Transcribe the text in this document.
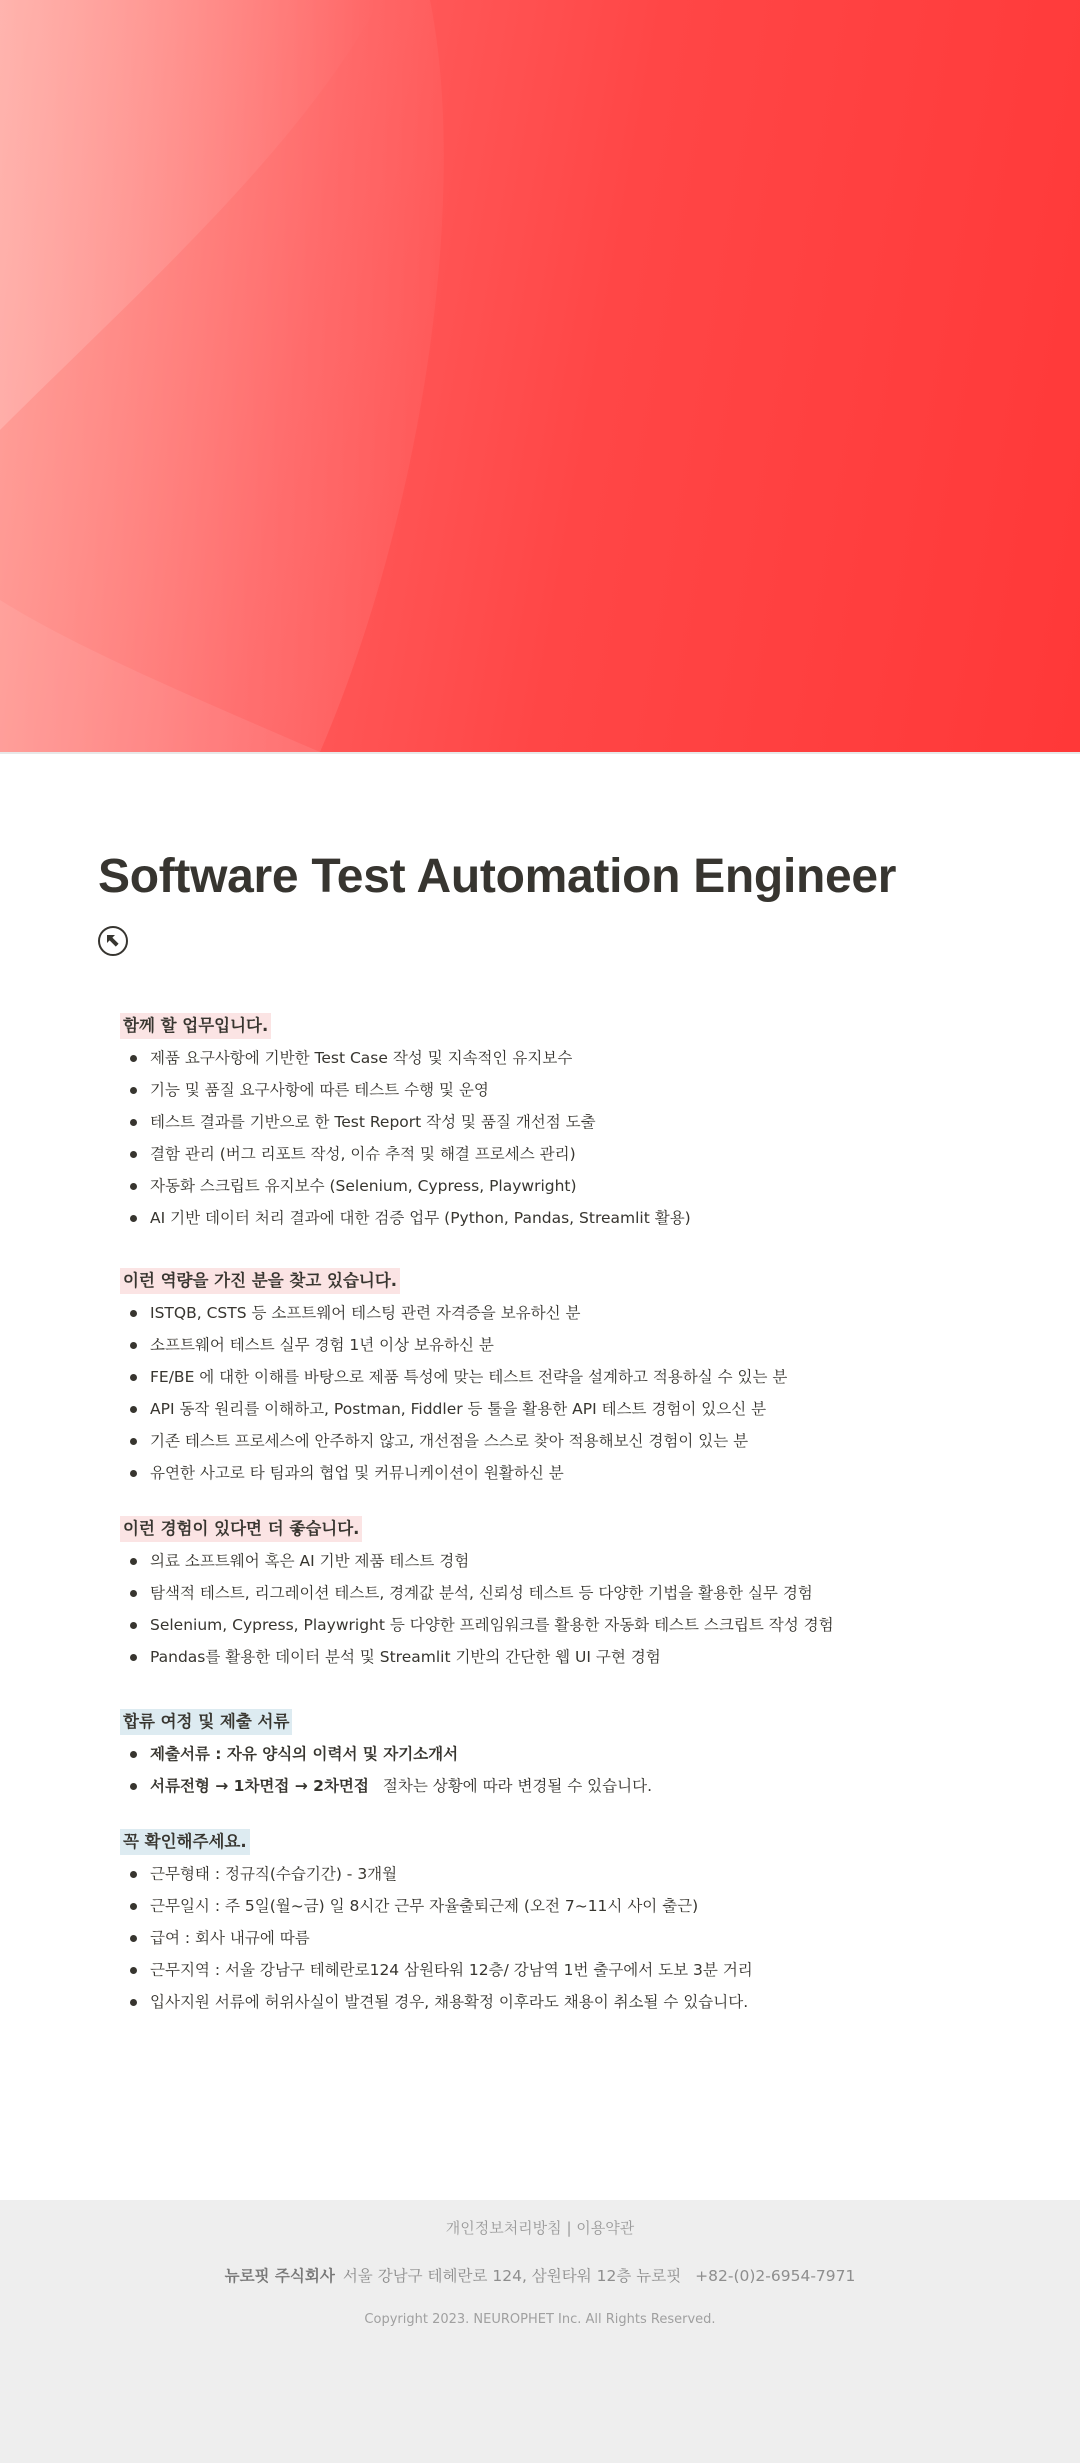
Software Test Automation Engineer
함께 할 업무입니다.
제품 요구사항에 기반한 Test Case 작성 및 지속적인 유지보수
기능 및 품질 요구사항에 따른 테스트 수행 및 운영
테스트 결과를 기반으로 한 Test Report 작성 및 품질 개선점 도출
결함 관리 (버그 리포트 작성, 이슈 추적 및 해결 프로세스 관리)
자동화 스크립트 유지보수 (Selenium, Cypress, Playwright)
AI 기반 데이터 처리 결과에 대한 검증 업무 (Python, Pandas, Streamlit 활용)
이런 역량을 가진 분을 찾고 있습니다.
ISTQB, CSTS 등 소프트웨어 테스팅 관련 자격증을 보유하신 분
소프트웨어 테스트 실무 경험 1년 이상 보유하신 분
FE/BE 에 대한 이해를 바탕으로 제품 특성에 맞는 테스트 전략을 설계하고 적용하실 수 있는 분
API 동작 원리를 이해하고, Postman, Fiddler 등 툴을 활용한 API 테스트 경험이 있으신 분
기존 테스트 프로세스에 안주하지 않고, 개선점을 스스로 찾아 적용해보신 경험이 있는 분
유연한 사고로 타 팀과의 협업 및 커뮤니케이션이 원활하신 분
이런 경험이 있다면 더 좋습니다.
의료 소프트웨어 혹은 AI 기반 제품 테스트 경험
탐색적 테스트, 리그레이션 테스트, 경계값 분석, 신뢰성 테스트 등 다양한 기법을 활용한 실무 경험
Selenium, Cypress, Playwright 등 다양한 프레임워크를 활용한 자동화 테스트 스크립트 작성 경험
Pandas를 활용한 데이터 분석 및 Streamlit 기반의 간단한 웹 UI 구현 경험
합류 여정 및 제출 서류
제출서류 : 자유 양식의 이력서 및 자기소개서
서류전형 → 1차면접 → 2차면접 절차는 상황에 따라 변경될 수 있습니다.
꼭 확인해주세요.
근무형태 : 정규직(수습기간) - 3개월
근무일시 : 주 5일(월~금) 일 8시간 근무 자율출퇴근제 (오전 7~11시 사이 출근)
급여 : 회사 내규에 따름
근무지역 : 서울 강남구 테헤란로124 삼원타워 12층/ 강남역 1번 출구에서 도보 3분 거리
입사지원 서류에 허위사실이 발견될 경우, 채용확정 이후라도 채용이 취소될 수 있습니다.
개인정보처리방침 | 이용약관
뉴로핏 주식회사 서울 강남구 테헤란로 124, 삼원타워 12층 뉴로핏 +82-(0)2-6954-7971
Copyright 2023. NEUROPHET Inc. All Rights Reserved.
